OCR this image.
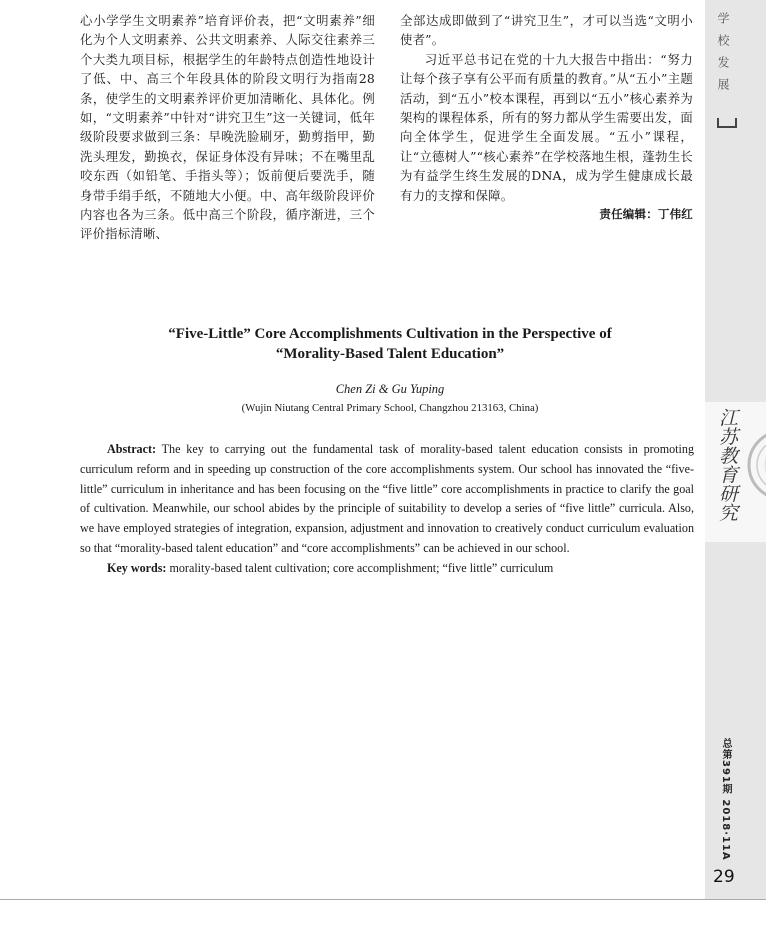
心小学学生文明素养”培育评价表，把“文明素养”细化为个人文明素养、公共文明素养、人际交往素养三个大类九项目标，根据学生的年龄特点创造性地设计了低、中、高三个年段具体的阶段文明行为指南28条，使学生的文明素养评价更加清晰化、具体化。例如，“文明素养”中针对“讲究卫生”这一关键词，低年级阶段要求做到三条：早晚洗脸刷牙，勤剪指甲，勤洗头理发，勤换衣，保证身体没有异味；不在嘴里乱咬东西（如铅笔、手指头等）；饭前便后要洗手，随身带手绢手纸，不随地大小便。中、高年级阶段评价内容也各为三条。低中高三个阶段，循序渐进，三个评价指标清晰、

全部达成即做到了“讲究卫生”，才可以当选“文明小使者”。

习近平总书记在党的十九大报告中指出：“努力让每个孩子享有公平而有质量的教育。”从“五小”主题活动，到“五小”校本课程，再到以“五小”核心素养为架构的课程体系，所有的努力都从学生需要出发，面向全体学生，促进学生全面发展。“五小”课程，让“立德树人”“核心素养”在学校落地生根，蓬勃生长为有益学生终生发展的DNA，成为学生健康成长最有力的支撑和保障。

责任编辑：丁伟红

“Five-Little” Core Accomplishments Cultivation in the Perspective of
“Morality-Based Talent Education”
Chen Zi & Gu Yuping
(Wujin Niutang Central Primary School, Changzhou 213163, China)

Abstract: The key to carrying out the fundamental task of morality-based talent education consists in promoting curriculum reform and in speeding up construction of the core accomplishments system. Our school has innovated the “five-little” curriculum in inheritance and has been focusing on the “five little” core accomplishments in practice to clarify the goal of cultivation. Meanwhile, our school abides by the principle of suitability to develop a series of “five little” curricula. Also, we have employed strategies of integration, expansion, adjustment and innovation to creatively conduct curriculum evaluation so that “morality-based talent education” and “core accomplishments” can be achieved in our school.

Key words: morality-based talent cultivation; core accomplishment; “five little” curriculum

学校发展
江苏教育研究
总第391期 2018·11A
29
